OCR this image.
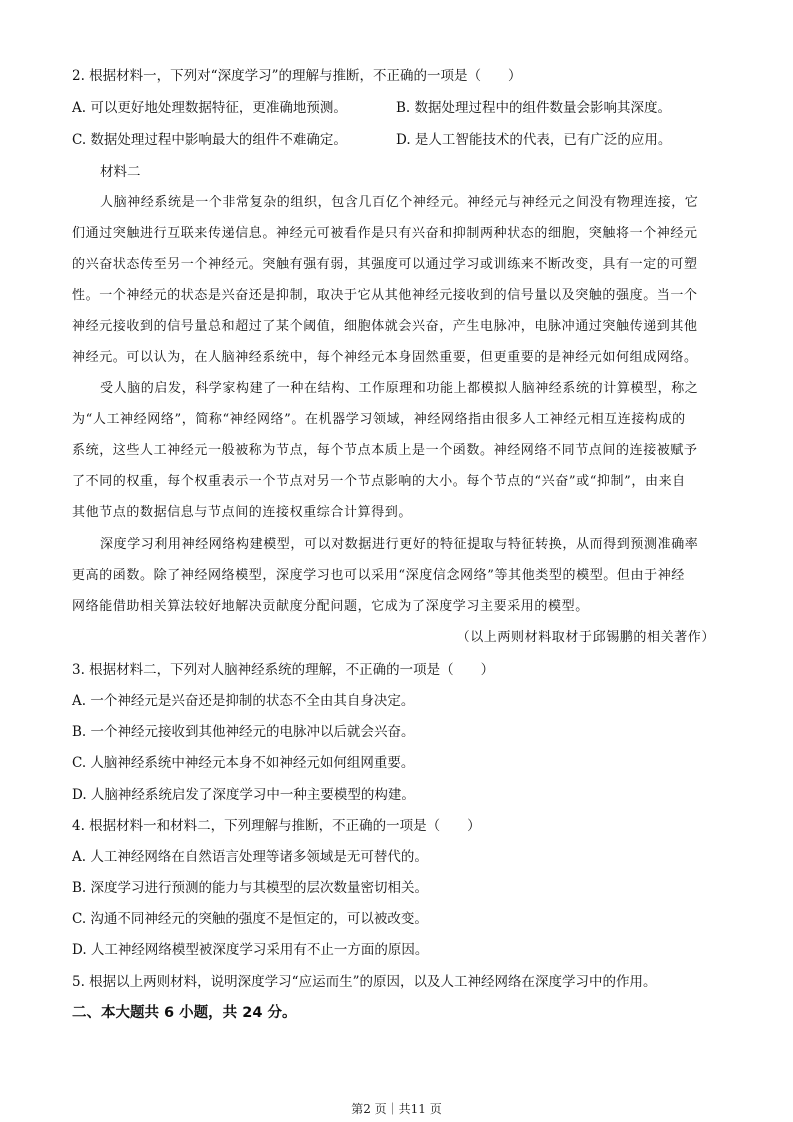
2. 根据材料一，下列对“深度学习”的理解与推断，不正确的一项是（　　）
A. 可以更好地处理数据特征，更准确地预测。	B. 数据处理过程中的组件数量会影响其深度。
C. 数据处理过程中影响最大的组件不难确定。	D. 是人工智能技术的代表，已有广泛的应用。
材料二
人脑神经系统是一个非常复杂的组织，包含几百亿个神经元。神经元与神经元之间没有物理连接，它
们通过突触进行互联来传递信息。神经元可被看作是只有兴奋和抑制两种状态的细胞，突触将一个神经元
的兴奋状态传至另一个神经元。突触有强有弱，其强度可以通过学习或训练来不断改变，具有一定的可塑
性。一个神经元的状态是兴奋还是抑制，取决于它从其他神经元接收到的信号量以及突触的强度。当一个
神经元接收到的信号量总和超过了某个阈值，细胞体就会兴奋，产生电脉冲，电脉冲通过突触传递到其他
神经元。可以认为，在人脑神经系统中，每个神经元本身固然重要，但更重要的是神经元如何组成网络。
受人脑的启发，科学家构建了一种在结构、工作原理和功能上都模拟人脑神经系统的计算模型，称之
为“人工神经网络”，简称“神经网络”。在机器学习领域，神经网络指由很多人工神经元相互连接构成的
系统，这些人工神经元一般被称为节点，每个节点本质上是一个函数。神经网络不同节点间的连接被赋予
了不同的权重，每个权重表示一个节点对另一个节点影响的大小。每个节点的“兴奋”或“抑制”，由来自
其他节点的数据信息与节点间的连接权重综合计算得到。
深度学习利用神经网络构建模型，可以对数据进行更好的特征提取与特征转换，从而得到预测准确率
更高的函数。除了神经网络模型，深度学习也可以采用“深度信念网络”等其他类型的模型。但由于神经
网络能借助相关算法较好地解决贡献度分配问题，它成为了深度学习主要采用的模型。
（以上两则材料取材于邱锡鹏的相关著作）
3. 根据材料二，下列对人脑神经系统的理解，不正确的一项是（　　）
A. 一个神经元是兴奋还是抑制的状态不全由其自身决定。
B. 一个神经元接收到其他神经元的电脉冲以后就会兴奋。
C. 人脑神经系统中神经元本身不如神经元如何组网重要。
D. 人脑神经系统启发了深度学习中一种主要模型的构建。
4. 根据材料一和材料二，下列理解与推断，不正确的一项是（　　）
A. 人工神经网络在自然语言处理等诸多领域是无可替代的。
B. 深度学习进行预测的能力与其模型的层次数量密切相关。
C. 沟通不同神经元的突触的强度不是恒定的，可以被改变。
D. 人工神经网络模型被深度学习采用有不止一方面的原因。
5. 根据以上两则材料，说明深度学习“应运而生”的原因，以及人工神经网络在深度学习中的作用。
二、本大题共 6 小题，共 24 分。
第2 页｜共11 页
